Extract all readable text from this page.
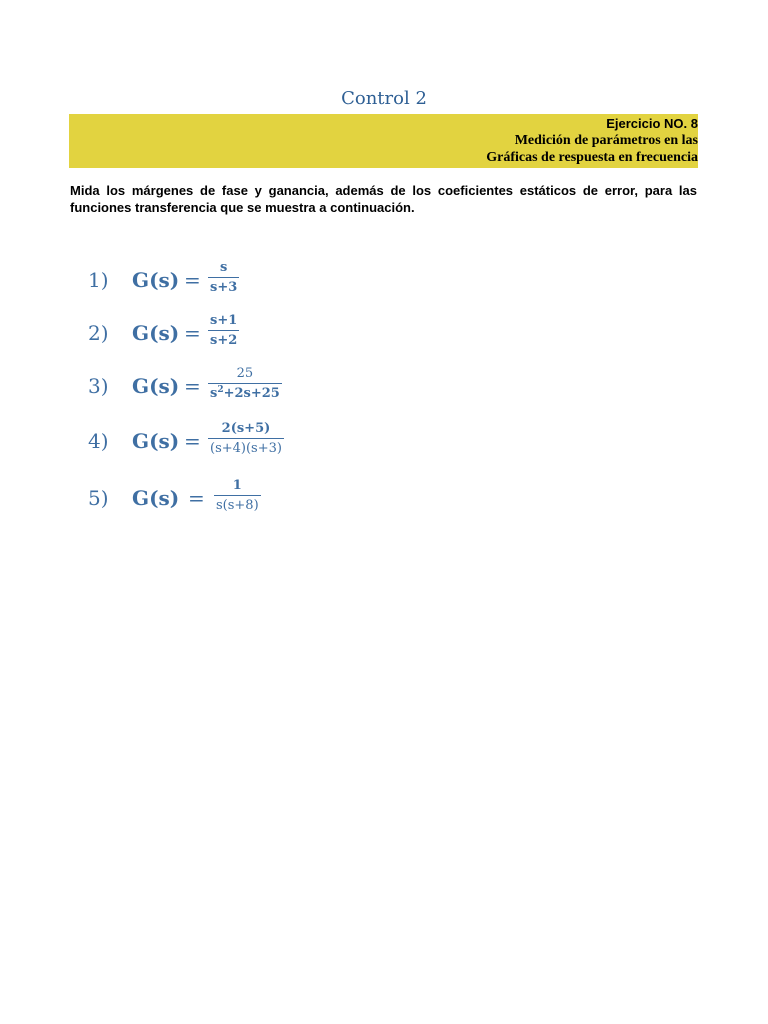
Control 2
Ejercicio NO. 8
Medición de parámetros en las
Gráficas de respuesta en frecuencia
Mida los márgenes de fase y ganancia, además de los coeficientes estáticos de error, para las funciones transferencia que se muestra a continuación.
1) G(s) =
s
s+3
2) G(s) =
s+1
s+2
3) G(s) =
25
$s^2+2s+25$
4) G(s) =
2(s+5)
(s+4)(s+3)
5) G(s) =
1
s(s+8)
